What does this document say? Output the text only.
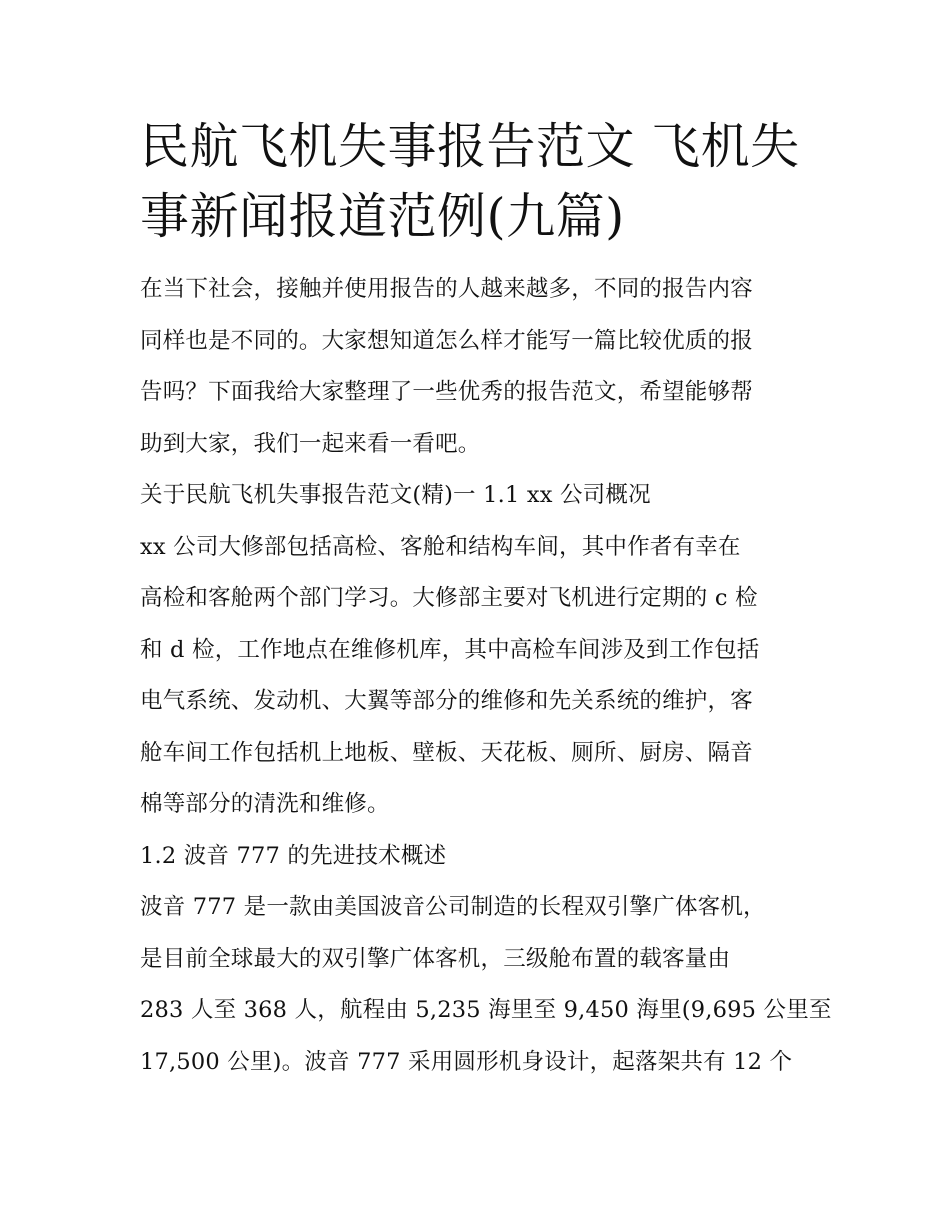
民航飞机失事报告范文 飞机失
事新闻报道范例(九篇)

在当下社会，接触并使用报告的人越来越多，不同的报告内容
同样也是不同的。大家想知道怎么样才能写一篇比较优质的报
告吗？下面我给大家整理了一些优秀的报告范文，希望能够帮
助到大家，我们一起来看一看吧。

关于民航飞机失事报告范文(精)一 1.1 xx 公司概况

xx 公司大修部包括高检、客舱和结构车间，其中作者有幸在
高检和客舱两个部门学习。大修部主要对飞机进行定期的 c 检
和 d 检，工作地点在维修机库，其中高检车间涉及到工作包括
电气系统、发动机、大翼等部分的维修和先关系统的维护，客
舱车间工作包括机上地板、壁板、天花板、厕所、厨房、隔音
棉等部分的清洗和维修。

1.2 波音 777 的先进技术概述

波音 777 是一款由美国波音公司制造的长程双引擎广体客机，
是目前全球最大的双引擎广体客机，三级舱布置的载客量由
283 人至 368 人，航程由 5,235 海里至 9,450 海里(9,695 公里至
17,500 公里)。波音 777 采用圆形机身设计，起落架共有 12 个
